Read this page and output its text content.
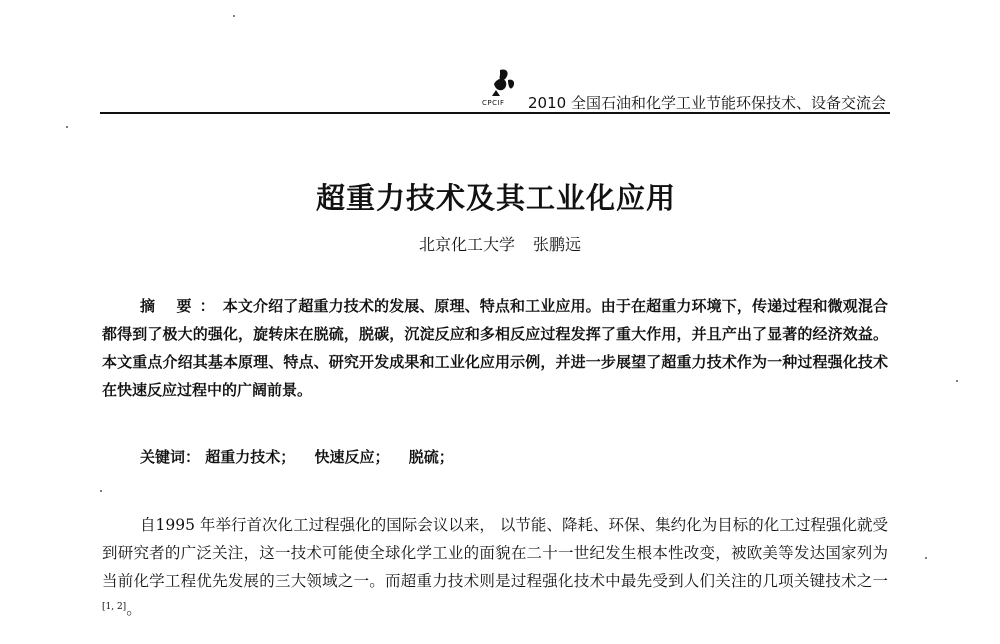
CPCIF 2010 全国石油和化学工业节能环保技术、设备交流会
超重力技术及其工业化应用
北京化工大学 张鹏远
摘 要：本文介绍了超重力技术的发展、原理、特点和工业应用。由于在超重力环境下，传递过程和微观混合都得到了极大的强化，旋转床在脱硫，脱碳，沉淀反应和多相反应过程发挥了重大作用，并且产出了显著的经济效益。本文重点介绍其基本原理、特点、研究开发成果和工业化应用示例，并进一步展望了超重力技术作为一种过程强化技术在快速反应过程中的广阔前景。
关键词： 超重力技术； 快速反应； 脱硫；
自1995 年举行首次化工过程强化的国际会议以来， 以节能、降耗、环保、集约化为目标的化工过程强化就受到研究者的广泛关注，这一技术可能使全球化学工业的面貌在二十一世纪发生根本性改变，被欧美等发达国家列为当前化学工程优先发展的三大领域之一。而超重力技术则是过程强化技术中最先受到人们关注的几项关键技术之一[1, 2]。
